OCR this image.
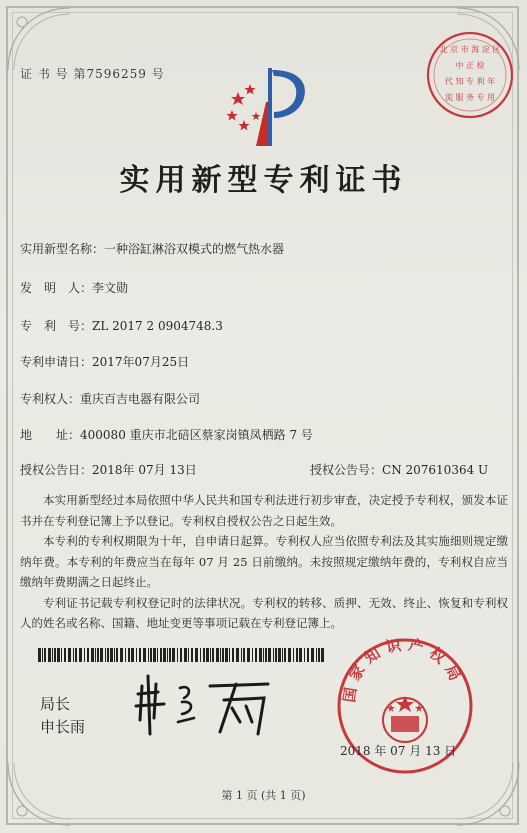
证 书 号 第7596259 号
北 京 市 海 淀 区
中 正 检
代 知 专 利 年
流 服 务 专 用
实用新型专利证书
实用新型名称：一种浴缸淋浴双模式的燃气热水器
发　明　人：李文勋
专　利　号：ZL 2017 2 0904748.3
专利申请日：2017年07月25日
专利权人：重庆百吉电器有限公司
地　　址：400080 重庆市北碚区蔡家岗镇凤栖路 7 号
授权公告日：2018年 07月 13日	授权公告号：CN 207610364 U

本实用新型经过本局依照中华人民共和国专利法进行初步审查，决定授予专利权，颁发本证书并在专利登记簿上予以登记。专利权自授权公告之日起生效。

本专利的专利权期限为十年，自申请日起算。专利权人应当依照专利法及其实施细则规定缴纳年费。本专利的年费应当在每年 07 月 25 日前缴纳。未按照规定缴纳年费的，专利权自应当缴纳年费期满之日起终止。

专利证书记载专利权登记时的法律状况。专利权的转移、质押、无效、终止、恢复和专利权人的姓名或名称、国籍、地址变更等事项记载在专利登记簿上。

局长
申长雨
国家知识产权局
2018 年 07 月 13 日
第 1 页 (共 1 页)
